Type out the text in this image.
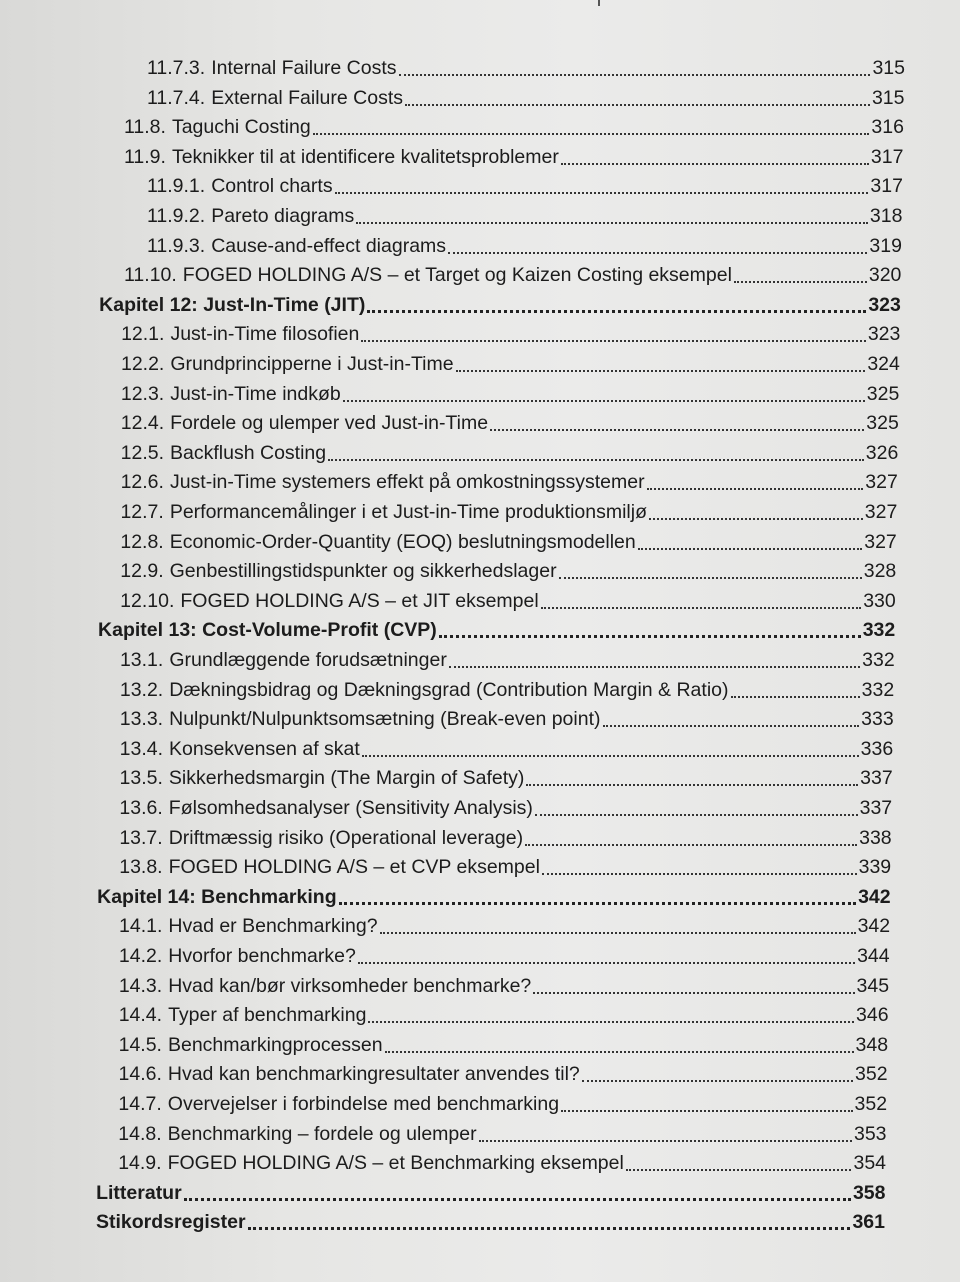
11.7.3. Internal Failure Costs	315
11.7.4. External Failure Costs	315
11.8. Taguchi Costing	316
11.9. Teknikker til at identificere kvalitetsproblemer	317
11.9.1. Control charts	317
11.9.2. Pareto diagrams	318
11.9.3. Cause-and-effect diagrams	319
11.10. FOGED HOLDING A/S – et Target og Kaizen Costing eksempel	320
Kapitel 12: Just-In-Time (JIT)	323
12.1. Just-in-Time filosofien	323
12.2. Grundprincipperne i Just-in-Time	324
12.3. Just-in-Time indkøb	325
12.4. Fordele og ulemper ved Just-in-Time	325
12.5. Backflush Costing	326
12.6. Just-in-Time systemers effekt på omkostningssystemer	327
12.7. Performancemålinger i et Just-in-Time produktionsmiljø	327
12.8. Economic-Order-Quantity (EOQ) beslutningsmodellen	327
12.9. Genbestillingstidspunkter og sikkerhedslager	328
12.10. FOGED HOLDING A/S – et JIT eksempel	330
Kapitel 13: Cost-Volume-Profit (CVP)	332
13.1. Grundlæggende forudsætninger	332
13.2. Dækningsbidrag og Dækningsgrad (Contribution Margin & Ratio)	332
13.3. Nulpunkt/Nulpunktsomsætning (Break-even point)	333
13.4. Konsekvensen af skat	336
13.5. Sikkerhedsmargin (The Margin of Safety)	337
13.6. Følsomhedsanalyser (Sensitivity Analysis)	337
13.7. Driftmæssig risiko (Operational leverage)	338
13.8. FOGED HOLDING A/S – et CVP eksempel	339
Kapitel 14: Benchmarking	342
14.1. Hvad er Benchmarking?	342
14.2. Hvorfor benchmarke?	344
14.3. Hvad kan/bør virksomheder benchmarke?	345
14.4. Typer af benchmarking	346
14.5. Benchmarkingprocessen	348
14.6. Hvad kan benchmarkingresultater anvendes til?	352
14.7. Overvejelser i forbindelse med benchmarking	352
14.8. Benchmarking – fordele og ulemper	353
14.9. FOGED HOLDING A/S – et Benchmarking eksempel	354
Litteratur	358
Stikordsregister	361
